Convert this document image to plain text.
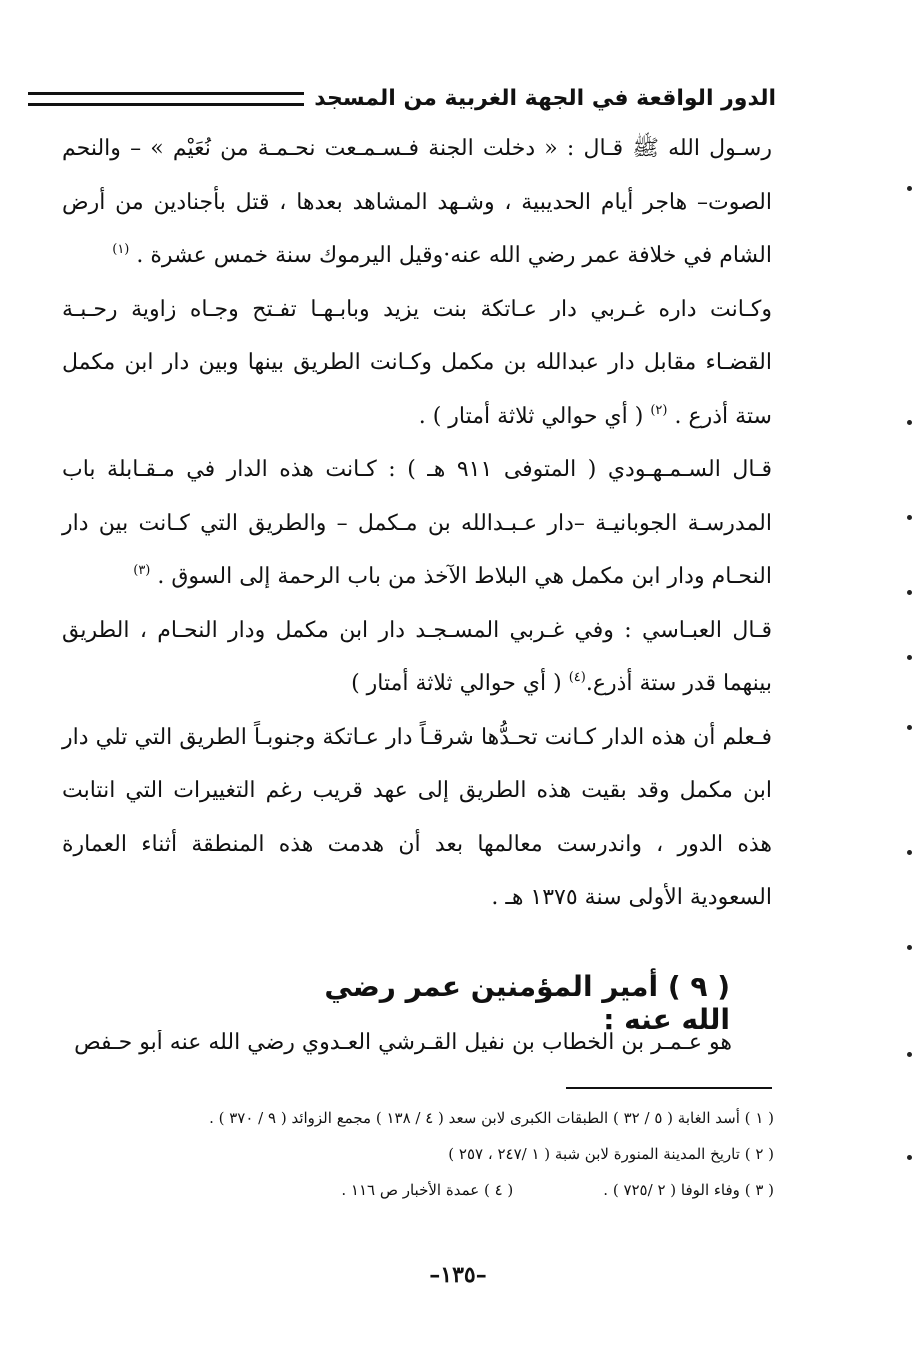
الدور الواقعة في الجهة الغربية من المسجد

رسـول الله ﷺ قـال : « دخلت الجنة فـسـمـعت نحـمـة من نُعَيْم » – والنحم الصوت– هاجر أيام الحديبية ، وشـهد المشاهد بعدها ، قتل بأجنادين من أرض الشام في خلافة عمر رضي الله عنه·وقيل اليرموك سنة خمس عشرة . $^{(١)}$

وكـانت داره غـربي دار عـاتكة بنت يزيد وبابـهـا تفـتح وجـاه زاوية رحـبـة القضـاء مقابل دار عبدالله بن مكمل وكـانت الطريق بينها وبين دار ابن مكمل ستة أذرع . $^{(٢)}$ ( أي حوالي ثلاثة أمتار ) .

قـال السـمـهـودي ( المتوفى ٩١١ هـ ) : كـانت هذه الدار في مـقـابلة باب المدرسـة الجوبانيـة –دار عـبـدالله بن مـكمل – والطريق التي كـانت بين دار النحـام ودار ابن مكمل هي البلاط الآخذ من باب الرحمة إلى السوق . $^{(٣)}$

قـال العبـاسي : وفي غـربي المسـجـد دار ابن مكمل ودار النحـام ، الطريق بينهما قدر ستة أذرع.$^{(٤)}$ ( أي حوالي ثلاثة أمتار )

فـعلم أن هذه الدار كـانت تحـدُّها شرقـاً دار عـاتكة وجنوبـاً الطريق التي تلي دار ابن مكمل وقد بقيت هذه الطريق إلى عهد قريب رغم التغييرات التي انتابت هذه الدور ، واندرست معالمها بعد أن هدمت هذه المنطقة أثناء العمارة السعودية الأولى سنة ١٣٧٥ هـ .

( ٩ ) أمير المؤمنين عمر رضي الله عنه :
هو عـمـر بن الخطاب بن نفيل القـرشي العـدوي رضي الله عنه أبو حـفص
( ١ ) أسد الغابة ( ٥ / ٣٢ ) الطبقات الكبرى لابن سعد ( ٤ / ١٣٨ ) مجمع الزوائد ( ٩ / ٣٧٠ ) .
( ٢ ) تاريخ المدينة المنورة لابن شبة ( ١ /٢٤٧ ، ٢٥٧ )
( ٣ ) وفاء الوفا ( ٢ /٧٢٥ ) .
( ٤ ) عمدة الأخبار ص ١١٦ .
–١٣٥–
